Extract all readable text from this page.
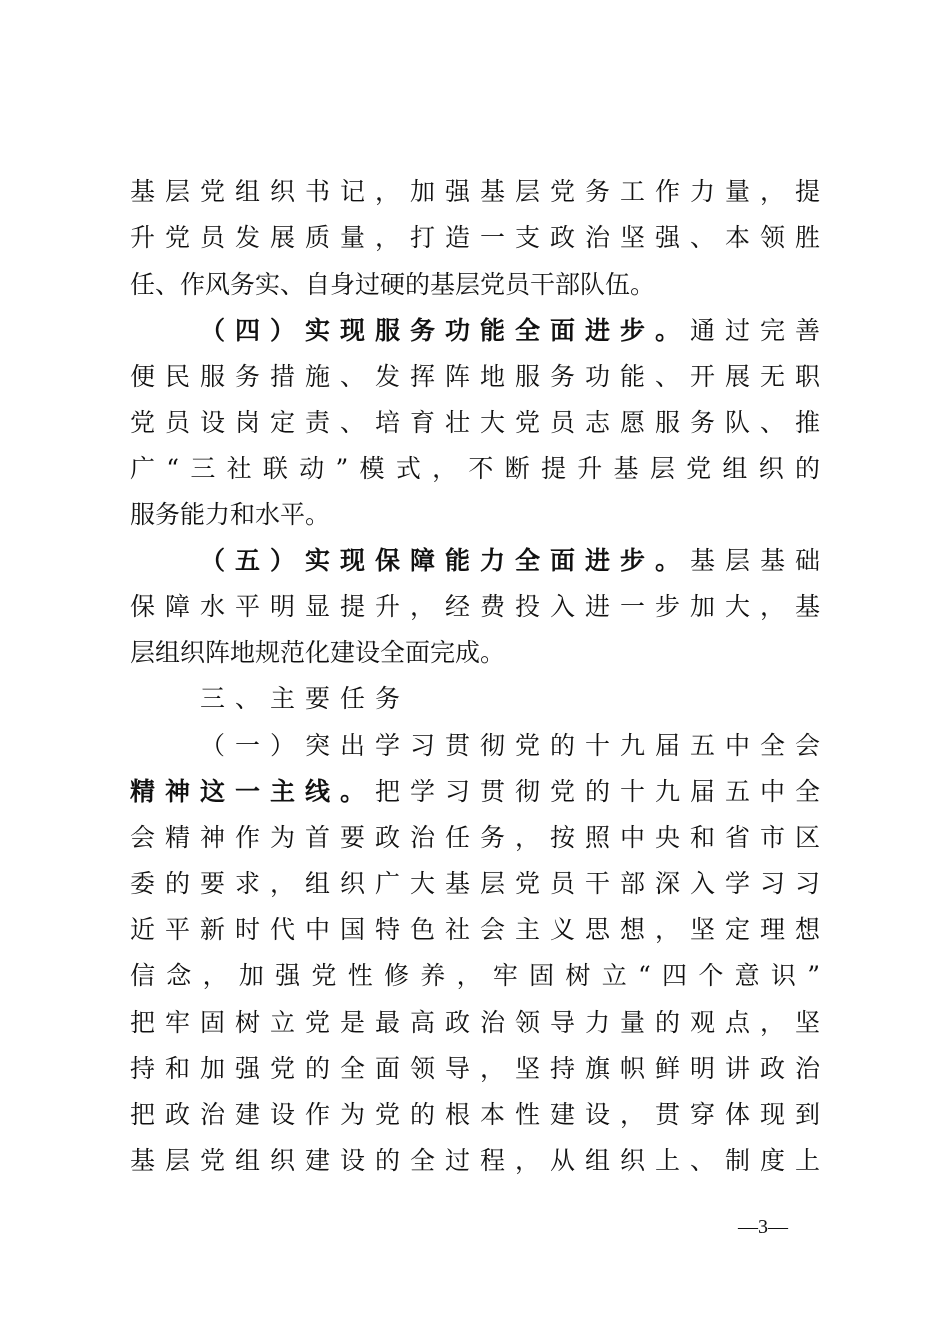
基层党组织书记，加强基层党务工作力量，提
升党员发展质量，打造一支政治坚强、本领胜
任、作风务实、自身过硬的基层党员干部队伍。
（四）实现服务功能全面进步。通过完善
便民服务措施、发挥阵地服务功能、开展无职
党员设岗定责、培育壮大党员志愿服务队、推
广“三社联动”模式，不断提升基层党组织的
服务能力和水平。
（五）实现保障能力全面进步。基层基础
保障水平明显提升，经费投入进一步加大，基
层组织阵地规范化建设全面完成。
三、主要任务
（一）突出学习贯彻党的十九届五中全会
精神这一主线。把学习贯彻党的十九届五中全
会精神作为首要政治任务，按照中央和省市区
委的要求，组织广大基层党员干部深入学习习
近平新时代中国特色社会主义思想，坚定理想
信念，加强党性修养，牢固树立“四个意识”
把牢固树立党是最高政治领导力量的观点，坚
持和加强党的全面领导，坚持旗帜鲜明讲政治
把政治建设作为党的根本性建设，贯穿体现到
基层党组织建设的全过程，从组织上、制度上
—3—
